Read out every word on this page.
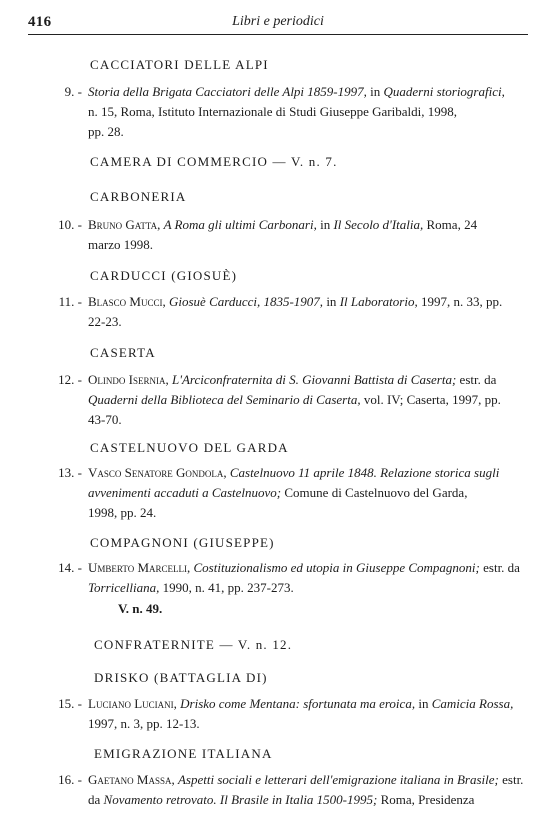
416	Libri e periodici
CACCIATORI DELLE ALPI
9. - Storia della Brigata Cacciatori delle Alpi 1859-1997, in Quaderni storiografici,
n. 15, Roma, Istituto Internazionale di Studi Giuseppe Garibaldi, 1998,
pp. 28.
CAMERA DI COMMERCIO — V. n. 7.
CARBONERIA
10. - Bruno Gatta, A Roma gli ultimi Carbonari, in Il Secolo d'Italia, Roma, 24
marzo 1998.
CARDUCCI (GIOSUÈ)
11. - Blasco Mucci, Giosuè Carducci, 1835-1907, in Il Laboratorio, 1997, n. 33, pp.
22-23.
CASERTA
12. - Olindo Isernia, L'Arciconfraternita di S. Giovanni Battista di Caserta; estr. da
Quaderni della Biblioteca del Seminario di Caserta, vol. IV; Caserta, 1997, pp.
43-70.
CASTELNUOVO DEL GARDA
13. - Vasco Senatore Gondola, Castelnuovo 11 aprile 1848. Relazione storica sugli
avvenimenti accaduti a Castelnuovo; Comune di Castelnuovo del Garda,
1998, pp. 24.
COMPAGNONI (GIUSEPPE)
14. - Umberto Marcelli, Costituzionalismo ed utopia in Giuseppe Compagnoni; estr. da
Torricelliana, 1990, n. 41, pp. 237-273.
V. n. 49.
CONFRATERNITE — V. n. 12.
DRISKO (BATTAGLIA DI)
15. - Luciano Luciani, Drisko come Mentana: sfortunata ma eroica, in Camicia Rossa,
1997, n. 3, pp. 12-13.
EMIGRAZIONE ITALIANA
16. - Gaetano Massa, Aspetti sociali e letterari dell'emigrazione italiana in Brasile; estr.
da Novamento retrovato. Il Brasile in Italia 1500-1995; Roma, Presidenza
